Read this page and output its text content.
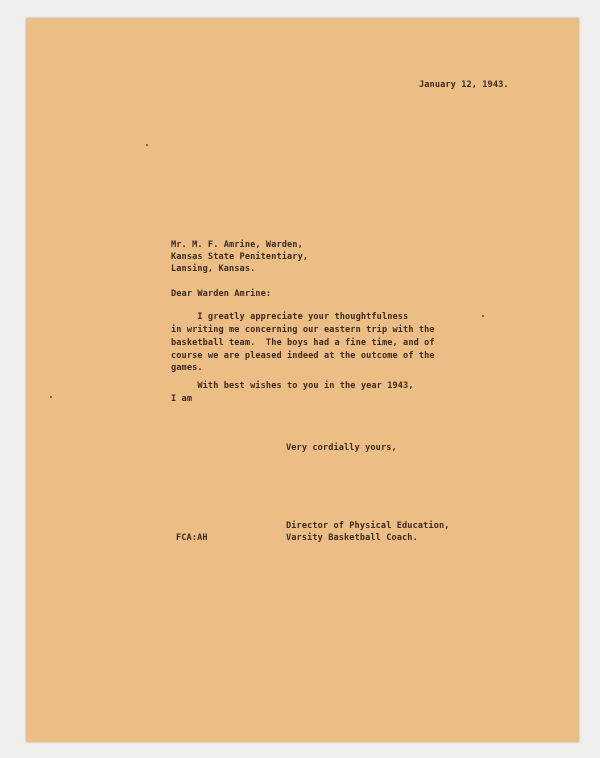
January 12, 1943.
Mr. M. F. Amrine, Warden,
Kansas State Penitentiary,
Lansing, Kansas.
Dear Warden Amrine:
I greatly appreciate your thoughtfulness
in writing me concerning our eastern trip with the
basketball team.  The boys had a fine time, and of
course we are pleased indeed at the outcome of the
games.
With best wishes to you in the year 1943,
I am
Very cordially yours,
FCA:AH
Director of Physical Education,
Varsity Basketball Coach.
